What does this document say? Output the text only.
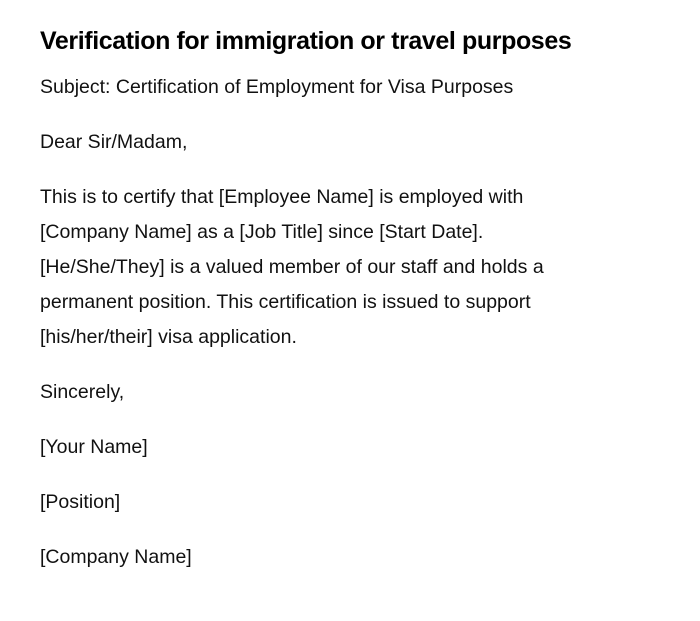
Verification for immigration or travel purposes

Subject: Certification of Employment for Visa Purposes

Dear Sir/Madam,

This is to certify that [Employee Name] is employed with
[Company Name] as a [Job Title] since [Start Date].
[He/She/They] is a valued member of our staff and holds a
permanent position. This certification is issued to support
[his/her/their] visa application.

Sincerely,

[Your Name]

[Position]

[Company Name]
